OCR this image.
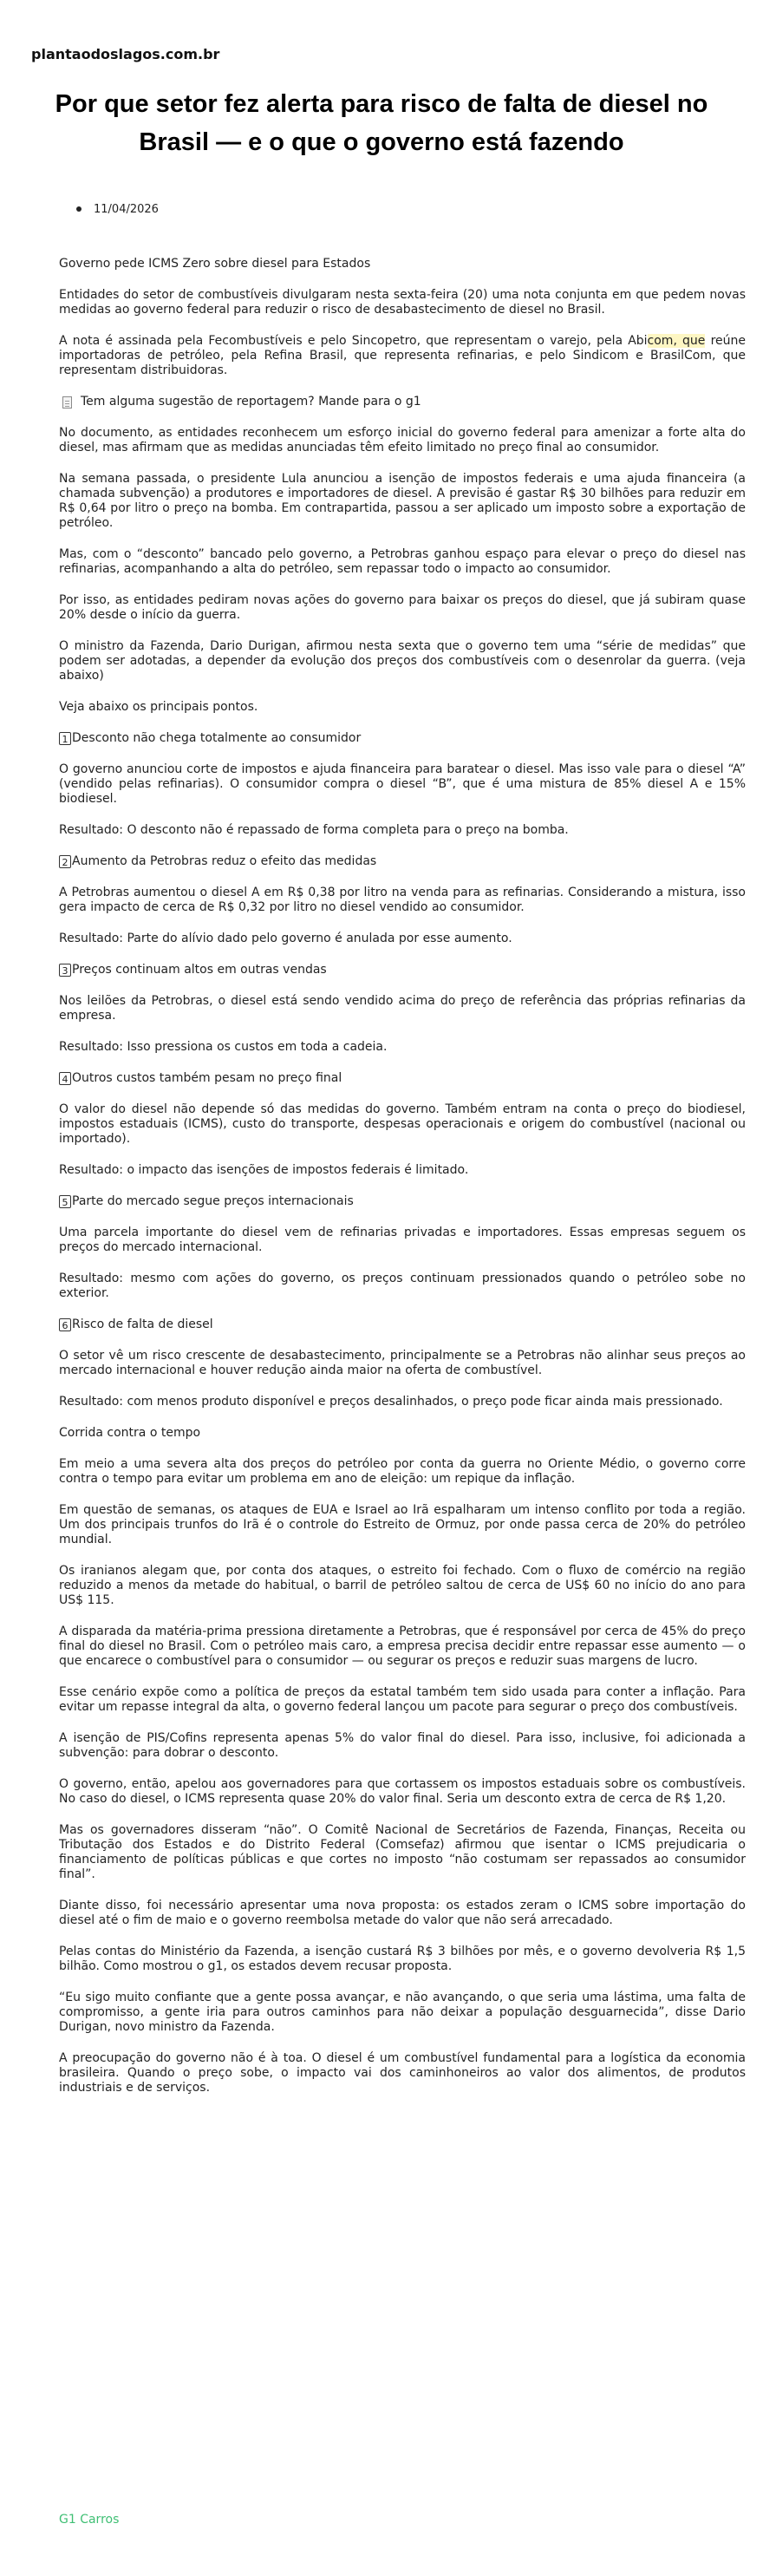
plantaodoslagos.com.br
Por que setor fez alerta para risco de falta de diesel no Brasil — e o que o governo está fazendo
11/04/2026

Governo pede ICMS Zero sobre diesel para Estados

Entidades do setor de combustíveis divulgaram nesta sexta-feira (20) uma nota conjunta em que pedem novas medidas ao governo federal para reduzir o risco de desabastecimento de diesel no Brasil.

A nota é assinada pela Fecombustíveis e pelo Sincopetro, que representam o varejo, pela Abicom, que reúne importadoras de petróleo, pela Refina Brasil, que representa refinarias, e pelo Sindicom e BrasilCom, que representam distribuidoras.

Tem alguma sugestão de reportagem? Mande para o g1

No documento, as entidades reconhecem um esforço inicial do governo federal para amenizar a forte alta do diesel, mas afirmam que as medidas anunciadas têm efeito limitado no preço final ao consumidor.

Na semana passada, o presidente Lula anunciou a isenção de impostos federais e uma ajuda financeira (a chamada subvenção) a produtores e importadores de diesel. A previsão é gastar R$ 30 bilhões para reduzir em R$ 0,64 por litro o preço na bomba. Em contrapartida, passou a ser aplicado um imposto sobre a exportação de petróleo.

Mas, com o “desconto” bancado pelo governo, a Petrobras ganhou espaço para elevar o preço do diesel nas refinarias, acompanhando a alta do petróleo, sem repassar todo o impacto ao consumidor.

Por isso, as entidades pediram novas ações do governo para baixar os preços do diesel, que já subiram quase 20% desde o início da guerra.

O ministro da Fazenda, Dario Durigan, afirmou nesta sexta que o governo tem uma “série de medidas” que podem ser adotadas, a depender da evolução dos preços dos combustíveis com o desenrolar da guerra. (veja abaixo)

Veja abaixo os principais pontos.

1 Desconto não chega totalmente ao consumidor

O governo anunciou corte de impostos e ajuda financeira para baratear o diesel. Mas isso vale para o diesel “A” (vendido pelas refinarias). O consumidor compra o diesel “B”, que é uma mistura de 85% diesel A e 15% biodiesel.

Resultado: O desconto não é repassado de forma completa para o preço na bomba.

2 Aumento da Petrobras reduz o efeito das medidas

A Petrobras aumentou o diesel A em R$ 0,38 por litro na venda para as refinarias. Considerando a mistura, isso gera impacto de cerca de R$ 0,32 por litro no diesel vendido ao consumidor.

Resultado: Parte do alívio dado pelo governo é anulada por esse aumento.

3 Preços continuam altos em outras vendas

Nos leilões da Petrobras, o diesel está sendo vendido acima do preço de referência das próprias refinarias da empresa.

Resultado: Isso pressiona os custos em toda a cadeia.

4 Outros custos também pesam no preço final

O valor do diesel não depende só das medidas do governo. Também entram na conta o preço do biodiesel, impostos estaduais (ICMS), custo do transporte, despesas operacionais e origem do combustível (nacional ou importado).

Resultado: o impacto das isenções de impostos federais é limitado.

5 Parte do mercado segue preços internacionais

Uma parcela importante do diesel vem de refinarias privadas e importadores. Essas empresas seguem os preços do mercado internacional.

Resultado: mesmo com ações do governo, os preços continuam pressionados quando o petróleo sobe no exterior.

6 Risco de falta de diesel

O setor vê um risco crescente de desabastecimento, principalmente se a Petrobras não alinhar seus preços ao mercado internacional e houver redução ainda maior na oferta de combustível.

Resultado: com menos produto disponível e preços desalinhados, o preço pode ficar ainda mais pressionado.

Corrida contra o tempo

Em meio a uma severa alta dos preços do petróleo por conta da guerra no Oriente Médio, o governo corre contra o tempo para evitar um problema em ano de eleição: um repique da inflação.

Em questão de semanas, os ataques de EUA e Israel ao Irã espalharam um intenso conflito por toda a região. Um dos principais trunfos do Irã é o controle do Estreito de Ormuz, por onde passa cerca de 20% do petróleo mundial.

Os iranianos alegam que, por conta dos ataques, o estreito foi fechado. Com o fluxo de comércio na região reduzido a menos da metade do habitual, o barril de petróleo saltou de cerca de US$ 60 no início do ano para US$ 115.

A disparada da matéria-prima pressiona diretamente a Petrobras, que é responsável por cerca de 45% do preço final do diesel no Brasil. Com o petróleo mais caro, a empresa precisa decidir entre repassar esse aumento — o que encarece o combustível para o consumidor — ou segurar os preços e reduzir suas margens de lucro.

Esse cenário expõe como a política de preços da estatal também tem sido usada para conter a inflação. Para evitar um repasse integral da alta, o governo federal lançou um pacote para segurar o preço dos combustíveis.

A isenção de PIS/Cofins representa apenas 5% do valor final do diesel. Para isso, inclusive, foi adicionada a subvenção: para dobrar o desconto.

O governo, então, apelou aos governadores para que cortassem os impostos estaduais sobre os combustíveis. No caso do diesel, o ICMS representa quase 20% do valor final. Seria um desconto extra de cerca de R$ 1,20.

Mas os governadores disseram “não”. O Comitê Nacional de Secretários de Fazenda, Finanças, Receita ou Tributação dos Estados e do Distrito Federal (Comsefaz) afirmou que isentar o ICMS prejudicaria o financiamento de políticas públicas e que cortes no imposto “não costumam ser repassados ao consumidor final”.

Diante disso, foi necessário apresentar uma nova proposta: os estados zeram o ICMS sobre importação do diesel até o fim de maio e o governo reembolsa metade do valor que não será arrecadado.

Pelas contas do Ministério da Fazenda, a isenção custará R$ 3 bilhões por mês, e o governo devolveria R$ 1,5 bilhão. Como mostrou o g1, os estados devem recusar proposta.

“Eu sigo muito confiante que a gente possa avançar, e não avançando, o que seria uma lástima, uma falta de compromisso, a gente iria para outros caminhos para não deixar a população desguarnecida”, disse Dario Durigan, novo ministro da Fazenda.

A preocupação do governo não é à toa. O diesel é um combustível fundamental para a logística da economia brasileira. Quando o preço sobe, o impacto vai dos caminhoneiros ao valor dos alimentos, de produtos industriais e de serviços.

G1 Carros
